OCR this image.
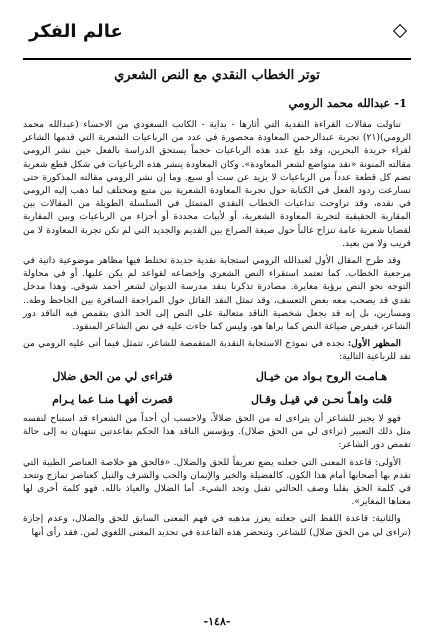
عالم الفكر
توتر الخطاب النقدي مع النص الشعري
1- عبدالله محمد الرومي

تناولت مقالات القراءة النقدية التي أثارها - بداية - الكاتب السعودي من الاحساء (عبدالله محمد الرومي)(٢١) تجربة عبدالرحمن المعاودة محصورة في عدد من الرباعيات الشعرية التي قدمها الشاعر لقراء جريدة البحرين، وقد بلغ عدد هذه الرباعيات حجماً يستحق الدراسة بالفعل حين نشر الرومي مقالته المنونة «نقد متواضع لشعر المعاودة». وكان المعاودة ينشر هذه الرباعيات في شكل قطع شعرية تضم كل قطعة عدداً من الرباعيات لا يزيد عن ست أو سبع. وما إن نشر الرومي مقالته المذكورة حتى تسارعت ردود الفعل في الكتابة حول تجربة المعاودة الشعرية بين متبع ومختلف لما ذهب إليه الرومي في نقده، وقد تراوحت تداعيات الخطاب النقدي المتمثل في السلسلة الطويلة من المقالات بين المقاربة الحقيقية لتجربة المعاودة الشعرية، أو لأبيات محددة أو أجزاء من الرباعيات وبين المقاربة لقضايا شعرية عامة تنزاح غالباً حول صيغة الصراع بين القديم والجديد التي لم تكن تجربة المعاودة لا من قريب ولا من بعيد.

وقد طرح المقال الأول لعبدالله الرومي استجابة نقدية جديدة تختلط فيها مظاهر موضوعية ذاتية في مرجعية الخطاب. كما تعتمد استقراء النص الشعري وإخضاعه لقواعد لم يكن عليها. أو في محاولة التوجه نحو النص برؤية مغايرة. مصادرة تذكرنا بنقد مدرسة الديوان لشعر أحمد شوقي. وهذا مدخل نقدي قد يصحب معه بعض التعسف، وقد تمثل النقد القائل حول المراجعة السافرة بين الجاحظ وطه.. ومسارين، بل إنه قد يجعل شخصية الناقد متعالية على النص إلى الحد الذي يتقمص فيه الناقد دور الشاعر، فيفرض صياغة النص كما يراها هو، وليس كما جاءت عليه في نص الشاعر المنقود.

المظهر الأول: نجده في نموذج الاستجابة النقدية المتقمصة للشاعر، تتمثل فيما أتى عليه الرومي من نقد للرباعية التالية:

هـامـت الروح بـواد من خيـال
فتراءى لي من الحق ضلال
قلت واهـاً نحـن في قيـل وقـال
قصرت أفهـا منـا عما يـرام

فهو لا يجيز للشاعر أن يتراءى له من الحق ضلالاً، ولاحسب أن أحداً من الشعراء قد استباح لنفسه مثل ذلك التعبير (تراءى لي من الحق ضلال). ويؤسس الناقد هذا الحكم بقاعدتين تنتهيان به إلى حالة تقمص دور الشاعر:

الأولى: قاعدة المعنى التي جعلته يضع تعريفاً للحق والضلال. «فالحق هو خلاصة العناصر الطيبة التي تقدم بها أصحابها أمام هذا الكون. كالفضيلة والخير والإيمان والحب والشرف والنبل كعناصر تمازج وتتحد في كلمة الحق بقلبا وصف الحالتي تقبل وتحد الشيء. أما الضلال والعياذ بالله. فهو كلمة أخرى لها معناها المغاير».

والثانية: قاعدة اللفظ التي جعلته يعزز مذهبه في فهم المعنى السابق للحق والضلال، وعدم إجازة (تراءى لي من الحق ضلال) للشاعر. وتنحصر هذه القاعدة في تحديد المعنى اللغوي لمن. فقد رأى أنها

-١٤٨-
